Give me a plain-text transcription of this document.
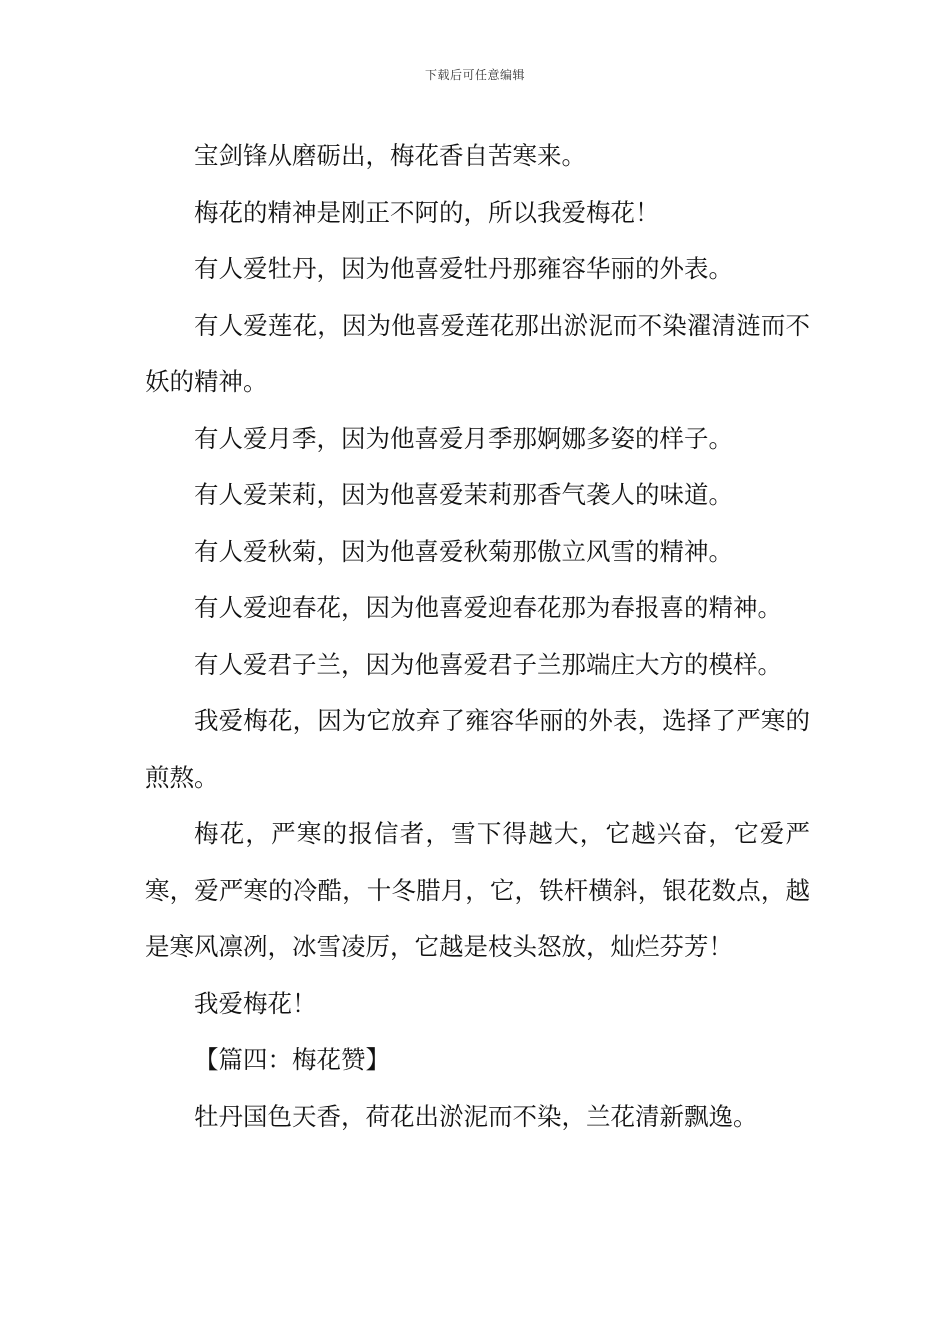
下载后可任意编辑

宝剑锋从磨砺出，梅花香自苦寒来。

梅花的精神是刚正不阿的，所以我爱梅花！

有人爱牡丹，因为他喜爱牡丹那雍容华丽的外表。

有人爱莲花，因为他喜爱莲花那出淤泥而不染濯清涟而不妖的精神。

有人爱月季，因为他喜爱月季那婀娜多姿的样子。

有人爱茉莉，因为他喜爱茉莉那香气袭人的味道。

有人爱秋菊，因为他喜爱秋菊那傲立风雪的精神。

有人爱迎春花，因为他喜爱迎春花那为春报喜的精神。

有人爱君子兰，因为他喜爱君子兰那端庄大方的模样。

我爱梅花，因为它放弃了雍容华丽的外表，选择了严寒的煎熬。

梅花，严寒的报信者，雪下得越大，它越兴奋，它爱严寒，爱严寒的冷酷，十冬腊月，它，铁杆横斜，银花数点，越是寒风凛冽，冰雪凌厉，它越是枝头怒放，灿烂芬芳！

我爱梅花！

【篇四：梅花赞】

牡丹国色天香，荷花出淤泥而不染，兰花清新飘逸。
